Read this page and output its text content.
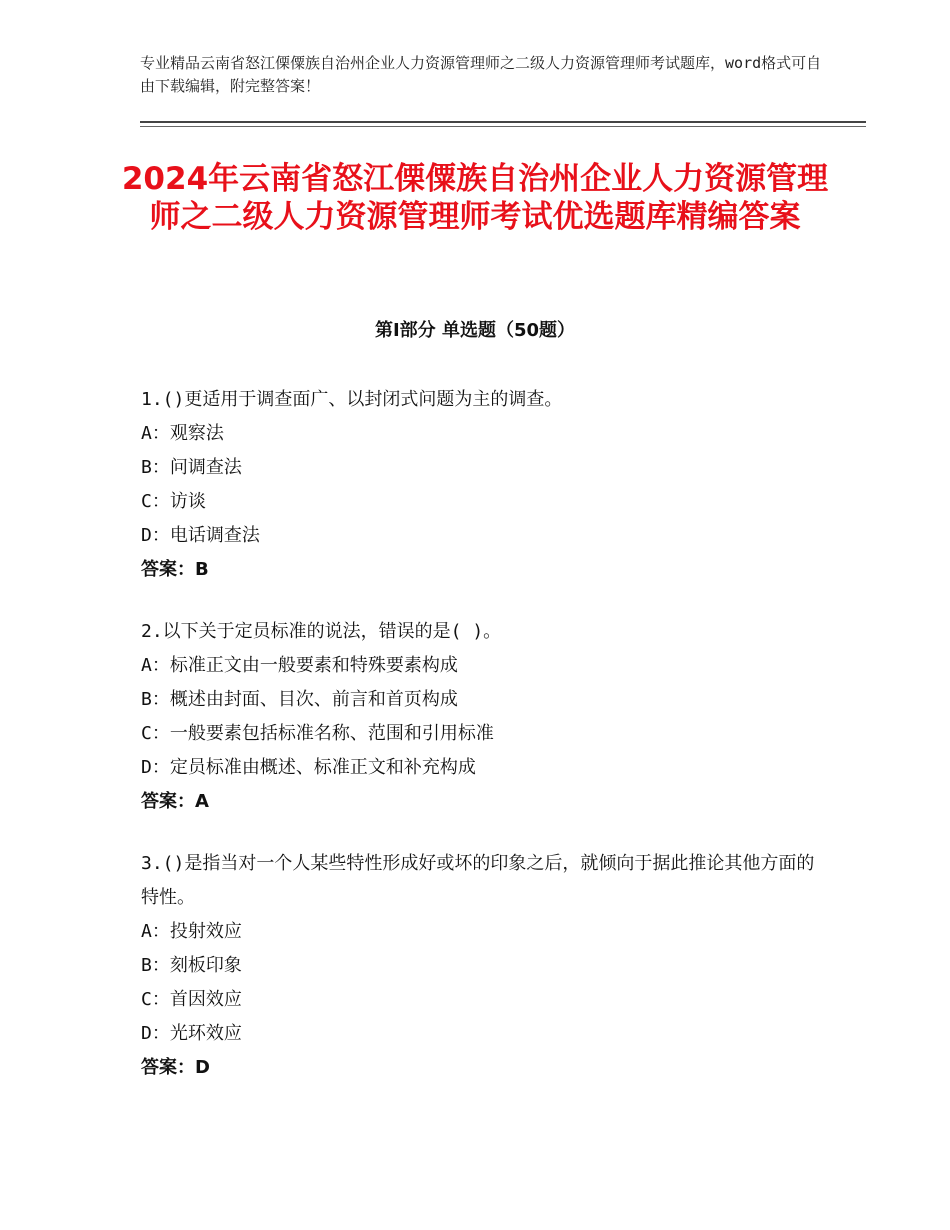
专业精品云南省怒江傈僳族自治州企业人力资源管理师之二级人力资源管理师考试题库，word格式可自由下载编辑，附完整答案！
2024年云南省怒江傈僳族自治州企业人力资源管理师之二级人力资源管理师考试优选题库精编答案
第Ⅰ部分 单选题（50题）
1.()更适用于调查面广、以封闭式问题为主的调查。
A：观察法
B：问调查法
C：访谈
D：电话调查法
答案：B
2.以下关于定员标准的说法，错误的是( )。
A：标准正文由一般要素和特殊要素构成
B：概述由封面、目次、前言和首页构成
C：一般要素包括标准名称、范围和引用标准
D：定员标准由概述、标准正文和补充构成
答案：A
3.()是指当对一个人某些特性形成好或坏的印象之后，就倾向于据此推论其他方面的特性。
A：投射效应
B：刻板印象
C：首因效应
D：光环效应
答案：D
